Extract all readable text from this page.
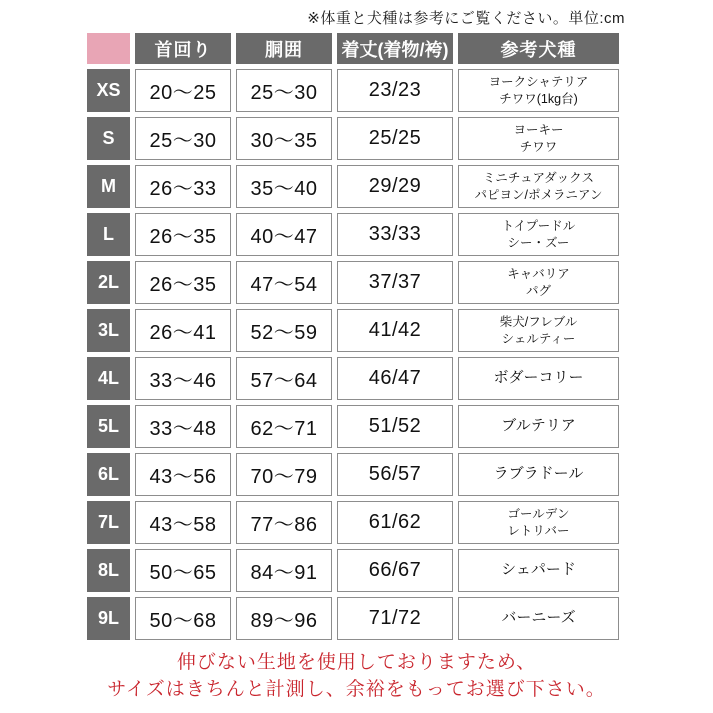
※体重と犬種は参考にご覧ください。単位:cm
	首回り	胴囲	着丈(着物/袴)	参考犬種
XS	20〜25	25〜30	23/23	ヨークシャテリア
チワワ(1kg台)
S	25〜30	30〜35	25/25	ヨーキー
チワワ
M	26〜33	35〜40	29/29	ミニチュアダックス
パピヨン/ポメラニアン
L	26〜35	40〜47	33/33	トイプードル
シー・ズー
2L	26〜35	47〜54	37/37	キャバリア
パグ
3L	26〜41	52〜59	41/42	柴犬/フレブル
シェルティー
4L	33〜46	57〜64	46/47	ボダーコリー
5L	33〜48	62〜71	51/52	ブルテリア
6L	43〜56	70〜79	56/57	ラブラドール
7L	43〜58	77〜86	61/62	ゴールデン
レトリバー
8L	50〜65	84〜91	66/67	シェパード
9L	50〜68	89〜96	71/72	バーニーズ
伸びない生地を使用しておりますため、
サイズはきちんと計測し、余裕をもってお選び下さい。
